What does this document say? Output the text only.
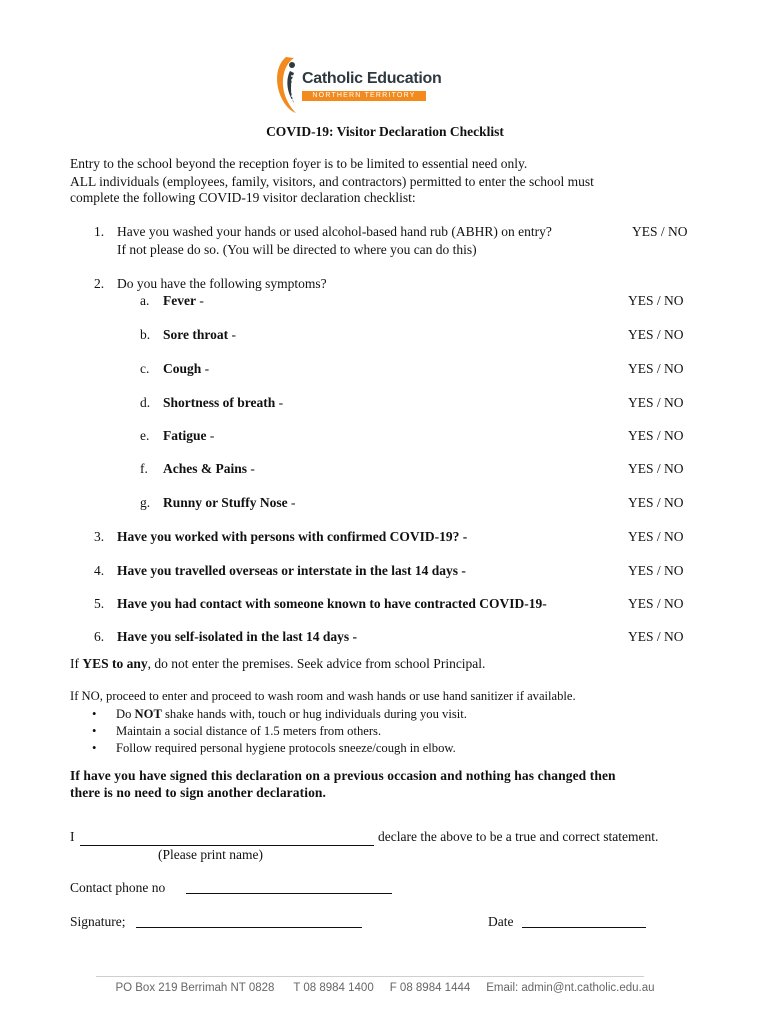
Catholic Education
NORTHERN TERRITORY
COVID-19: Visitor Declaration Checklist
Entry to the school beyond the reception foyer is to be limited to essential need only.
ALL individuals (employees, family, visitors, and contractors) permitted to enter the school must
complete the following COVID-19 visitor declaration checklist:
1. Have you washed your hands or used alcohol-based hand rub (ABHR) on entry?	YES / NO
If not please do so. (You will be directed to where you can do this)
2. Do you have the following symptoms?
a. Fever -	YES / NO
b. Sore throat -	YES / NO
c. Cough -	YES / NO
d. Shortness of breath -	YES / NO
e. Fatigue -	YES / NO
f. Aches & Pains -	YES / NO
g. Runny or Stuffy Nose -	YES / NO
3. Have you worked with persons with confirmed COVID-19? -	YES / NO
4. Have you travelled overseas or interstate in the last 14 days -	YES / NO
5. Have you had contact with someone known to have contracted COVID-19-	YES / NO
6. Have you self-isolated in the last 14 days -	YES / NO
If YES to any, do not enter the premises. Seek advice from school Principal.
If NO, proceed to enter and proceed to wash room and wash hands or use hand sanitizer if available.
• Do NOT shake hands with, touch or hug individuals during you visit.
• Maintain a social distance of 1.5 meters from others.
• Follow required personal hygiene protocols sneeze/cough in elbow.
If have you have signed this declaration on a previous occasion and nothing has changed then
there is no need to sign another declaration.
I	declare the above to be a true and correct statement.
(Please print name)
Contact phone no
Signature;	Date
PO Box 219 Berrimah NT 0828      T 08 8984 1400     F 08 8984 1444     Email: admin@nt.catholic.edu.au
